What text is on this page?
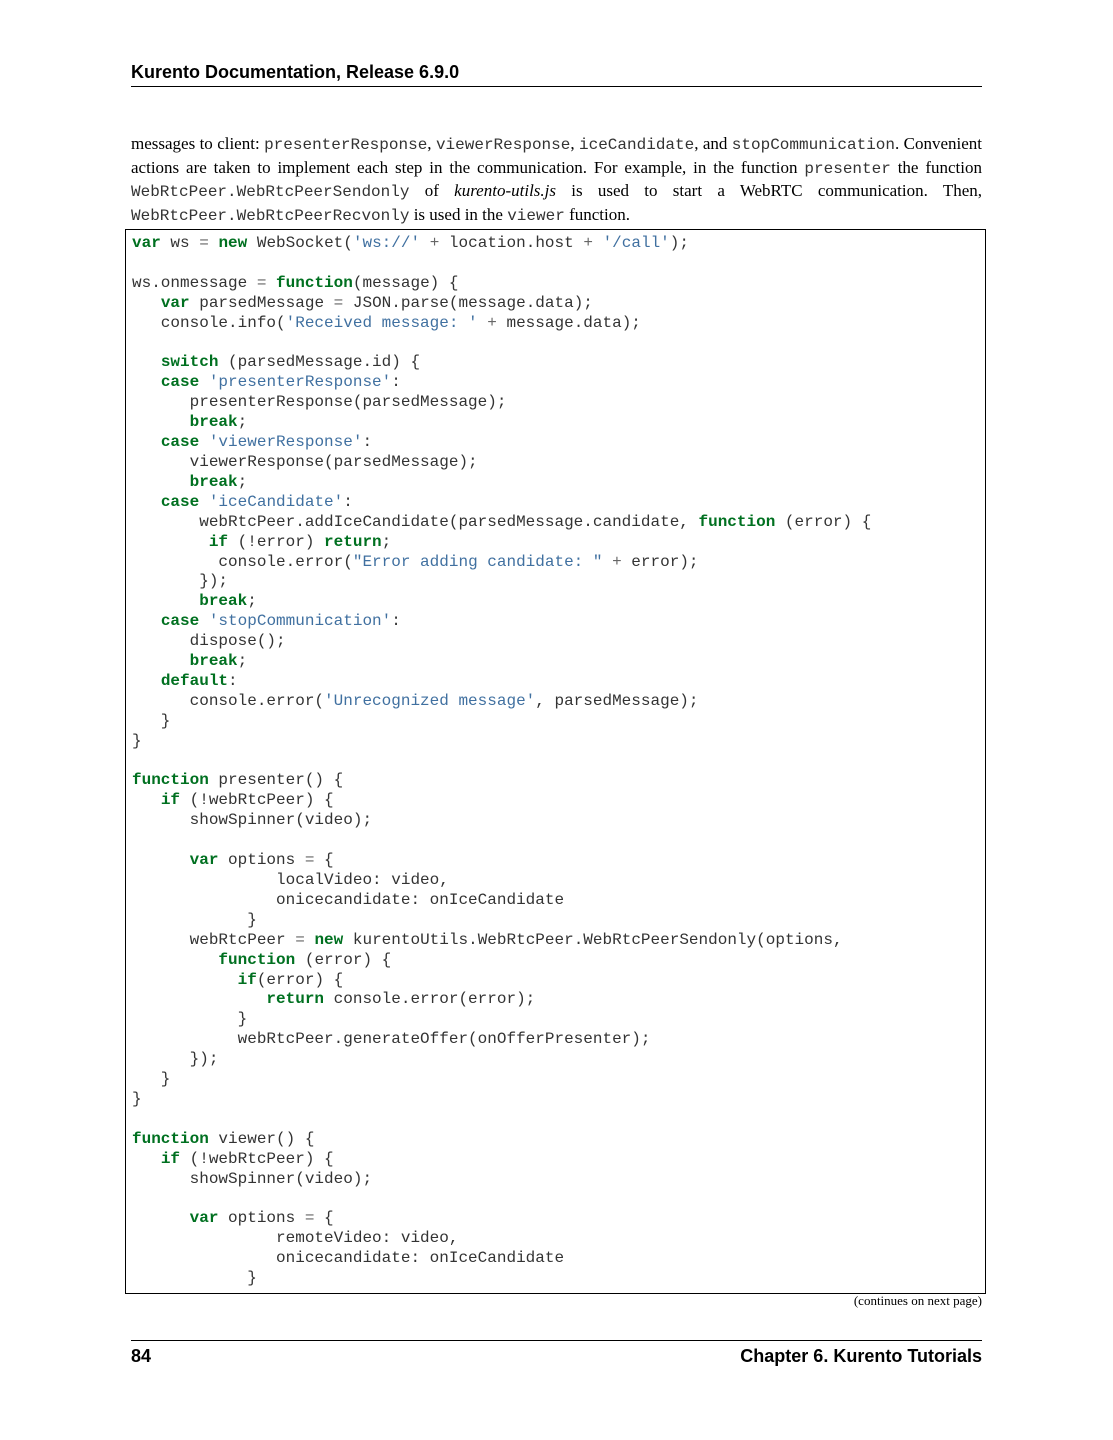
Kurento Documentation, Release 6.9.0

messages to client: presenterResponse, viewerResponse, iceCandidate, and stopCommunication. Convenient actions are taken to implement each step in the communication. For example, in the function presenter the function WebRtcPeer.WebRtcPeerSendonly of kurento-utils.js is used to start a WebRTC communication. Then, WebRtcPeer.WebRtcPeerRecvonly is used in the viewer function.

var ws = new WebSocket('ws://' + location.host + '/call');

ws.onmessage = function(message) {
var parsedMessage = JSON.parse(message.data);
console.info('Received message: ' + message.data);

switch (parsedMessage.id) {
case 'presenterResponse':
presenterResponse(parsedMessage);
break;
case 'viewerResponse':
viewerResponse(parsedMessage);
break;
case 'iceCandidate':
webRtcPeer.addIceCandidate(parsedMessage.candidate, function (error) {
if (!error) return;
console.error("Error adding candidate: " + error);
});
break;
case 'stopCommunication':
dispose();
break;
default:
console.error('Unrecognized message', parsedMessage);
}
}

function presenter() {
if (!webRtcPeer) {
showSpinner(video);

var options = {
localVideo: video,
onicecandidate: onIceCandidate
}
webRtcPeer = new kurentoUtils.WebRtcPeer.WebRtcPeerSendonly(options,
function (error) {
if(error) {
return console.error(error);
}
webRtcPeer.generateOffer(onOfferPresenter);
});
}
}

function viewer() {
if (!webRtcPeer) {
showSpinner(video);

var options = {
remoteVideo: video,
onicecandidate: onIceCandidate
}
(continues on next page)
84	Chapter 6. Kurento Tutorials
